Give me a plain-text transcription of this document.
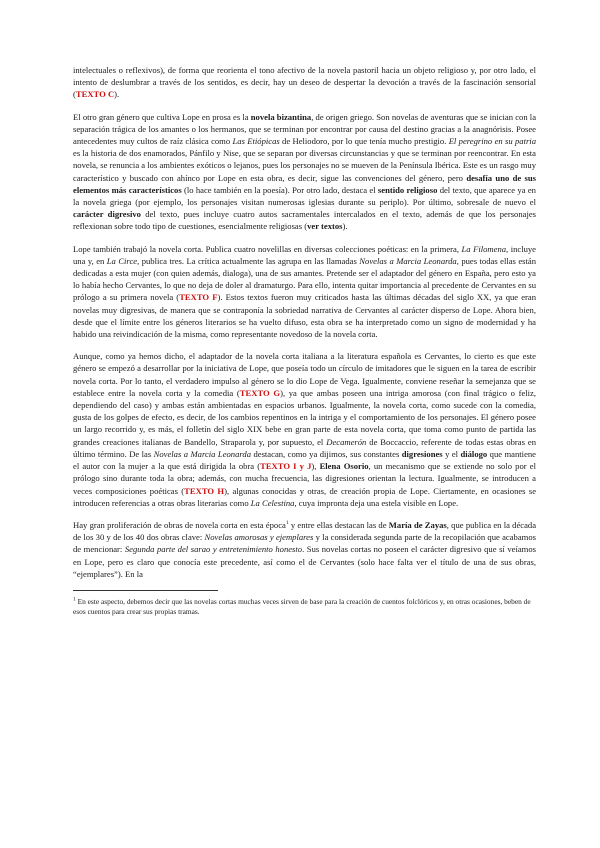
intelectuales o reflexivos), de forma que reorienta el tono afectivo de la novela pastoril hacia un objeto religioso y, por otro lado, el intento de deslumbrar a través de los sentidos, es decir, hay un deseo de despertar la devoción a través de la fascinación sensorial (TEXTO C).

El otro gran género que cultiva Lope en prosa es la novela bizantina, de origen griego. Son novelas de aventuras que se inician con la separación trágica de los amantes o los hermanos, que se terminan por encontrar por causa del destino gracias a la anagnórisis. Posee antecedentes muy cultos de raíz clásica como Las Etiópicas de Heliodoro, por lo que tenía mucho prestigio. El peregrino en su patria es la historia de dos enamorados, Pánfilo y Nise, que se separan por diversas circunstancias y que se terminan por reencontrar. En esta novela, se renuncia a los ambientes exóticos o lejanos, pues los personajes no se mueven de la Península Ibérica. Este es un rasgo muy característico y buscado con ahínco por Lope en esta obra, es decir, sigue las convenciones del género, pero desafía uno de sus elementos más característicos (lo hace también en la poesía). Por otro lado, destaca el sentido religioso del texto, que aparece ya en la novela griega (por ejemplo, los personajes visitan numerosas iglesias durante su periplo). Por último, sobresale de nuevo el carácter digresivo del texto, pues incluye cuatro autos sacramentales intercalados en el texto, además de que los personajes reflexionan sobre todo tipo de cuestiones, esencialmente religiosas (ver textos).

Lope también trabajó la novela corta. Publica cuatro novelillas en diversas colecciones poéticas: en la primera, La Filomena, incluye una y, en La Circe, publica tres. La crítica actualmente las agrupa en las llamadas Novelas a Marcia Leonarda, pues todas ellas están dedicadas a esta mujer (con quien además, dialoga), una de sus amantes. Pretende ser el adaptador del género en España, pero esto ya lo había hecho Cervantes, lo que no deja de doler al dramaturgo. Para ello, intenta quitar importancia al precedente de Cervantes en su prólogo a su primera novela (TEXTO F). Estos textos fueron muy criticados hasta las últimas décadas del siglo XX, ya que eran novelas muy digresivas, de manera que se contraponía la sobriedad narrativa de Cervantes al carácter disperso de Lope. Ahora bien, desde que el límite entre los géneros literarios se ha vuelto difuso, esta obra se ha interpretado como un signo de modernidad y ha habido una reivindicación de la misma, como representante novedoso de la novela corta.

Aunque, como ya hemos dicho, el adaptador de la novela corta italiana a la literatura española es Cervantes, lo cierto es que este género se empezó a desarrollar por la iniciativa de Lope, que poseía todo un círculo de imitadores que le siguen en la tarea de escribir novela corta. Por lo tanto, el verdadero impulso al género se lo dio Lope de Vega. Igualmente, conviene reseñar la semejanza que se establece entre la novela corta y la comedia (TEXTO G), ya que ambas poseen una intriga amorosa (con final trágico o feliz, dependiendo del caso) y ambas están ambientadas en espacios urbanos. Igualmente, la novela corta, como sucede con la comedia, gusta de los golpes de efecto, es decir, de los cambios repentinos en la intriga y el comportamiento de los personajes. El género posee un largo recorrido y, es más, el folletín del siglo XIX bebe en gran parte de esta novela corta, que toma como punto de partida las grandes creaciones italianas de Bandello, Straparola y, por supuesto, el Decamerón de Boccaccio, referente de todas estas obras en último término. De las Novelas a Marcia Leonarda destacan, como ya dijimos, sus constantes digresiones y el diálogo que mantiene el autor con la mujer a la que está dirigida la obra (TEXTO I y J), Elena Osorio, un mecanismo que se extiende no solo por el prólogo sino durante toda la obra; además, con mucha frecuencia, las digresiones orientan la lectura. Igualmente, se introducen a veces composiciones poéticas (TEXTO H), algunas conocidas y otras, de creación propia de Lope. Ciertamente, en ocasiones se introducen referencias a otras obras literarias como La Celestina, cuya impronta deja una estela visible en Lope.

Hay gran proliferación de obras de novela corta en esta época$^1$ y entre ellas destacan las de María de Zayas, que publica en la década de los 30 y de los 40 dos obras clave: Novelas amorosas y ejemplares y la considerada segunda parte de la recopilación que acabamos de mencionar: Segunda parte del sarao y entretenimiento honesto. Sus novelas cortas no poseen el carácter digresivo que sí veíamos en Lope, pero es claro que conocía este precedente, así como el de Cervantes (solo hace falta ver el título de una de sus obras, “ejemplares”). En la

$^1$ En este aspecto, debemos decir que las novelas cortas muchas veces sirven de base para la creación de cuentos folclóricos y, en otras ocasiones, beben de esos cuentos para crear sus propias tramas.
